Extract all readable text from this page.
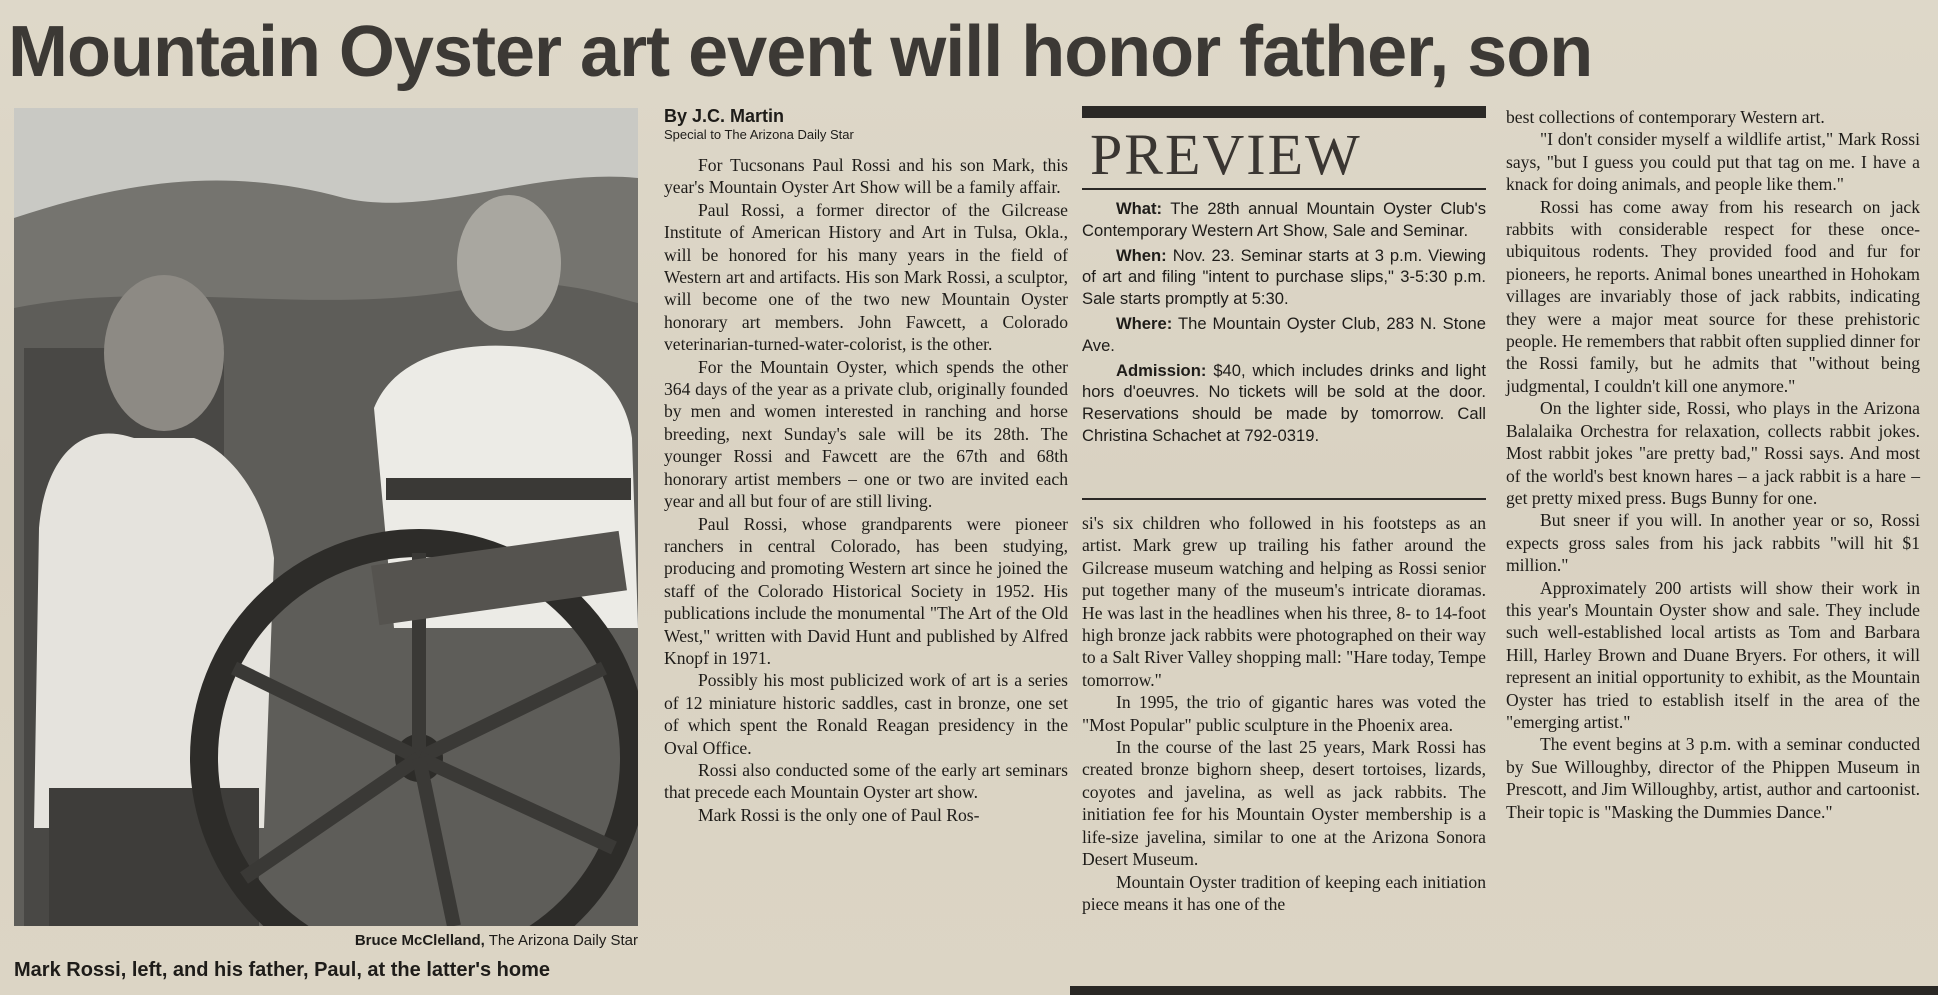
Mountain Oyster art event will honor father, son
Bruce McClelland, The Arizona Daily Star
Mark Rossi, left, and his father, Paul, at the latter's home
By J.C. Martin
Special to The Arizona Daily Star

For Tucsonans Paul Rossi and his son Mark, this year's Mountain Oyster Art Show will be a family affair.

Paul Rossi, a former director of the Gilcrease Institute of American History and Art in Tulsa, Okla., will be honored for his many years in the field of Western art and artifacts. His son Mark Rossi, a sculptor, will become one of the two new Mountain Oyster honorary art members. John Fawcett, a Colorado veterinarian-turned-water-colorist, is the other.

For the Mountain Oyster, which spends the other 364 days of the year as a private club, originally founded by men and women interested in ranching and horse breeding, next Sunday's sale will be its 28th. The younger Rossi and Fawcett are the 67th and 68th honorary artist members – one or two are invited each year and all but four of are still living.

Paul Rossi, whose grandparents were pioneer ranchers in central Colorado, has been studying, producing and promoting Western art since he joined the staff of the Colorado Historical Society in 1952. His publications include the monumental "The Art of the Old West," written with David Hunt and published by Alfred Knopf in 1971.

Possibly his most publicized work of art is a series of 12 miniature historic saddles, cast in bronze, one set of which spent the Ronald Reagan presidency in the Oval Office.

Rossi also conducted some of the early art seminars that precede each Mountain Oyster art show.

Mark Rossi is the only one of Paul Ros-

PREVIEW

What: The 28th annual Mountain Oyster Club's Contemporary Western Art Show, Sale and Seminar.

When: Nov. 23. Seminar starts at 3 p.m. Viewing of art and filing "intent to purchase slips," 3-5:30 p.m. Sale starts promptly at 5:30.

Where: The Mountain Oyster Club, 283 N. Stone Ave.

Admission: $40, which includes drinks and light hors d'oeuvres. No tickets will be sold at the door. Reservations should be made by tomorrow. Call Christina Schachet at 792-0319.

si's six children who followed in his footsteps as an artist. Mark grew up trailing his father around the Gilcrease museum watching and helping as Rossi senior put together many of the museum's intricate dioramas. He was last in the headlines when his three, 8- to 14-foot high bronze jack rabbits were photographed on their way to a Salt River Valley shopping mall: "Hare today, Tempe tomorrow."

In 1995, the trio of gigantic hares was voted the "Most Popular" public sculpture in the Phoenix area.

In the course of the last 25 years, Mark Rossi has created bronze bighorn sheep, desert tortoises, lizards, coyotes and javelina, as well as jack rabbits. The initiation fee for his Mountain Oyster membership is a life-size javelina, similar to one at the Arizona Sonora Desert Museum.

Mountain Oyster tradition of keeping each initiation piece means it has one of the

best collections of contemporary Western art.

"I don't consider myself a wildlife artist," Mark Rossi says, "but I guess you could put that tag on me. I have a knack for doing animals, and people like them."

Rossi has come away from his research on jack rabbits with considerable respect for these once-ubiquitous rodents. They provided food and fur for pioneers, he reports. Animal bones unearthed in Hohokam villages are invariably those of jack rabbits, indicating they were a major meat source for these prehistoric people. He remembers that rabbit often supplied dinner for the Rossi family, but he admits that "without being judgmental, I couldn't kill one anymore."

On the lighter side, Rossi, who plays in the Arizona Balalaika Orchestra for relaxation, collects rabbit jokes. Most rabbit jokes "are pretty bad," Rossi says. And most of the world's best known hares – a jack rabbit is a hare – get pretty mixed press. Bugs Bunny for one.

But sneer if you will. In another year or so, Rossi expects gross sales from his jack rabbits "will hit $1 million."

Approximately 200 artists will show their work in this year's Mountain Oyster show and sale. They include such well-established local artists as Tom and Barbara Hill, Harley Brown and Duane Bryers. For others, it will represent an initial opportunity to exhibit, as the Mountain Oyster has tried to establish itself in the area of the "emerging artist."

The event begins at 3 p.m. with a seminar conducted by Sue Willoughby, director of the Phippen Museum in Prescott, and Jim Willoughby, artist, author and cartoonist. Their topic is "Masking the Dummies Dance."
